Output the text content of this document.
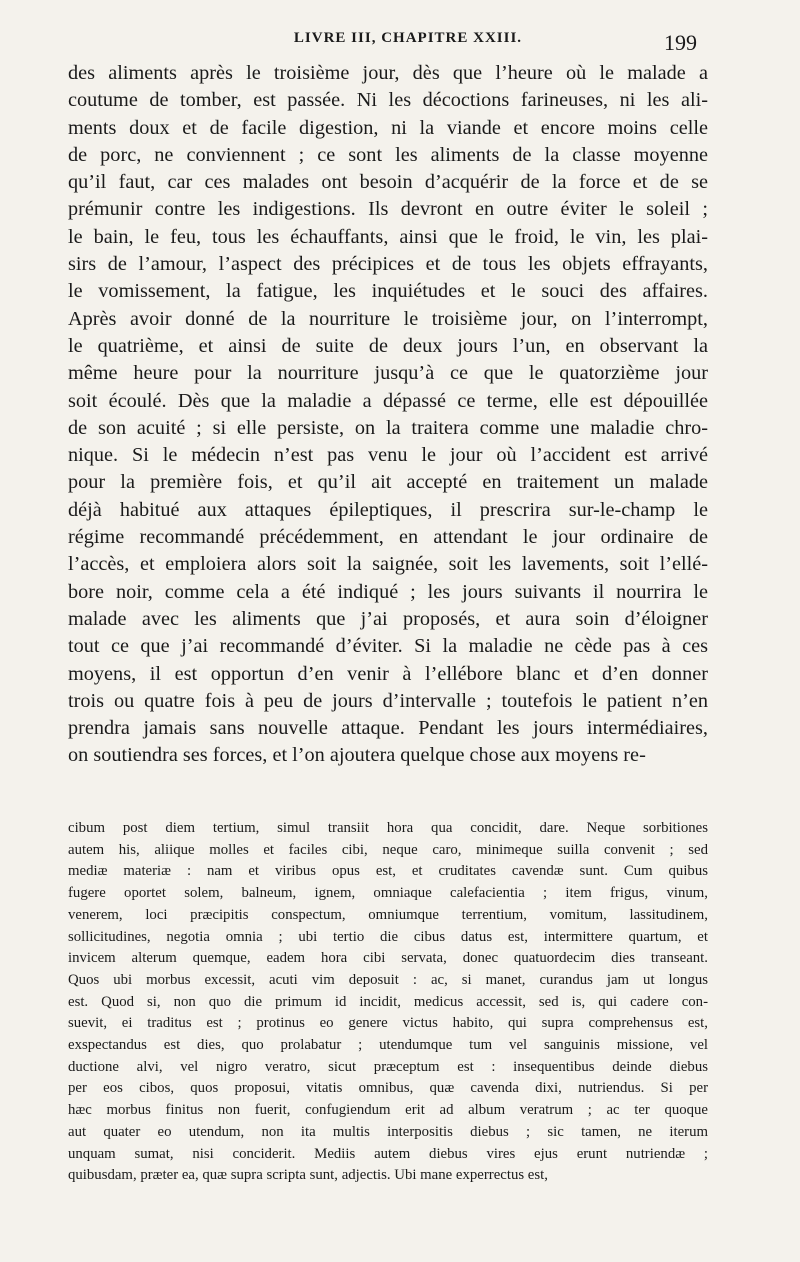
LIVRE III, CHAPITRE XXIII.	199
des aliments après le troisième jour, dès que l’heure où le malade a
coutume de tomber, est passée. Ni les décoctions farineuses, ni les ali-
ments doux et de facile digestion, ni la viande et encore moins celle
de porc, ne conviennent ; ce sont les aliments de la classe moyenne
qu’il faut, car ces malades ont besoin d’acquérir de la force et de se
prémunir contre les indigestions. Ils devront en outre éviter le soleil ;
le bain, le feu, tous les échauffants, ainsi que le froid, le vin, les plai-
sirs de l’amour, l’aspect des précipices et de tous les objets effrayants,
le vomissement, la fatigue, les inquiétudes et le souci des affaires.
Après avoir donné de la nourriture le troisième jour, on l’interrompt,
le quatrième, et ainsi de suite de deux jours l’un, en observant la
même heure pour la nourriture jusqu’à ce que le quatorzième jour
soit écoulé. Dès que la maladie a dépassé ce terme, elle est dépouillée
de son acuité ; si elle persiste, on la traitera comme une maladie chro-
nique. Si le médecin n’est pas venu le jour où l’accident est arrivé
pour la première fois, et qu’il ait accepté en traitement un malade
déjà habitué aux attaques épileptiques, il prescrira sur-le-champ le
régime recommandé précédemment, en attendant le jour ordinaire de
l’accès, et emploiera alors soit la saignée, soit les lavements, soit l’ellé-
bore noir, comme cela a été indiqué ; les jours suivants il nourrira le
malade avec les aliments que j’ai proposés, et aura soin d’éloigner
tout ce que j’ai recommandé d’éviter. Si la maladie ne cède pas à ces
moyens, il est opportun d’en venir à l’ellébore blanc et d’en donner
trois ou quatre fois à peu de jours d’intervalle ; toutefois le patient n’en
prendra jamais sans nouvelle attaque. Pendant les jours intermédiaires,
on soutiendra ses forces, et l’on ajoutera quelque chose aux moyens re-
cibum post diem tertium, simul transiit hora qua concidit, dare. Neque sorbitiones
autem his, aliique molles et faciles cibi, neque caro, minimeque suilla convenit ; sed
mediæ materiæ : nam et viribus opus est, et cruditates cavendæ sunt. Cum quibus
fugere oportet solem, balneum, ignem, omniaque calefacientia ; item frigus, vinum,
venerem, loci præcipitis conspectum, omniumque terrentium, vomitum, lassitudinem,
sollicitudines, negotia omnia ; ubi tertio die cibus datus est, intermittere quartum, et
invicem alterum quemque, eadem hora cibi servata, donec quatuordecim dies transeant.
Quos ubi morbus excessit, acuti vim deposuit : ac, si manet, curandus jam ut longus
est. Quod si, non quo die primum id incidit, medicus accessit, sed is, qui cadere con-
suevit, ei traditus est ; protinus eo genere victus habito, qui supra comprehensus est,
exspectandus est dies, quo prolabatur ; utendumque tum vel sanguinis missione, vel
ductione alvi, vel nigro veratro, sicut præceptum est : insequentibus deinde diebus
per eos cibos, quos proposui, vitatis omnibus, quæ cavenda dixi, nutriendus. Si per
hæc morbus finitus non fuerit, confugiendum erit ad album veratrum ; ac ter quoque
aut quater eo utendum, non ita multis interpositis diebus ; sic tamen, ne iterum
unquam sumat, nisi conciderit. Mediis autem diebus vires ejus erunt nutriendæ ;
quibusdam, præter ea, quæ supra scripta sunt, adjectis. Ubi mane experrectus est,
